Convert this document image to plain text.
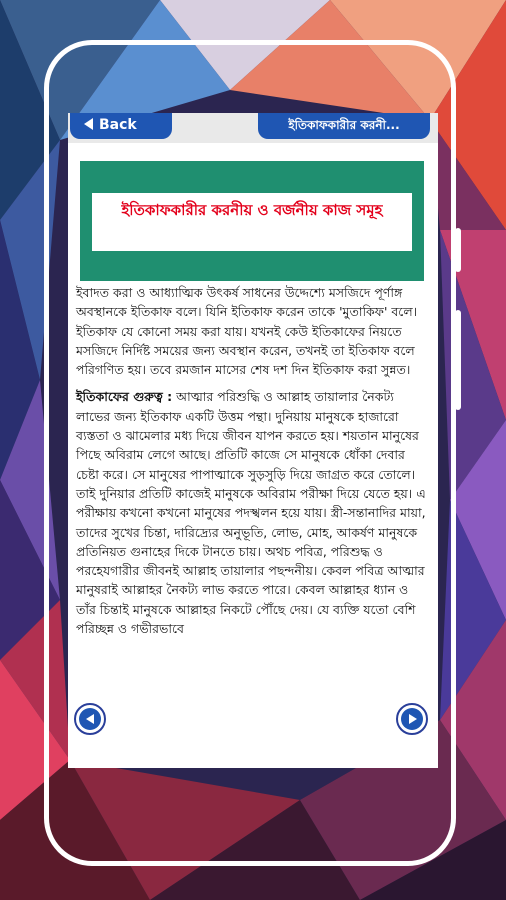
Back	ইতিকাফকারীর করনী...
ইতিকাফকারীর করনীয় ও বর্জনীয় কাজ সমূহ

ইবাদত করা ও আধ্যাত্মিক উৎকর্ষ সাধনের উদ্দেশ্যে মসজিদে পূর্ণাঙ্গ অবস্থানকে ইতিকাফ বলে। যিনি ইতিকাফ করেন তাকে 'মুতাকিফ' বলে। ইতিকাফ যে কোনো সময় করা যায়। যখনই কেউ ইতিকাফের নিয়তে মসজিদে নির্দিষ্ট সময়ের জন্য অবস্থান করেন, তখনই তা ইতিকাফ বলে পরিগণিত হয়। তবে রমজান মাসের শেষ দশ দিন ইতিকাফ করা সুন্নত।

ইতিকাফের গুরুত্ব : আত্মার পরিশুদ্ধি ও আল্লাহ তায়ালার নৈকট্য লাভের জন্য ইতিকাফ একটি উত্তম পন্থা। দুনিয়ায় মানুষকে হাজারো ব্যস্ততা ও ঝামেলার মধ্য দিয়ে জীবন যাপন করতে হয়। শয়তান মানুষের পিছে অবিরাম লেগে আছে। প্রতিটি কাজে সে মানুষকে ধোঁকা দেবার চেষ্টা করে। সে মানুষের পাপাত্মাকে সুড়সুড়ি দিয়ে জাগ্রত করে তোলে। তাই দুনিয়ার প্রতিটি কাজেই মানুষকে অবিরাম পরীক্ষা দিয়ে যেতে হয়। এ পরীক্ষায় কখনো কখনো মানুষের পদস্খলন হয়ে যায়। স্ত্রী-সন্তানাদির মায়া, তাদের সুখের চিন্তা, দারিদ্র্যের অনুভূতি, লোভ, মোহ, আকর্ষণ মানুষকে প্রতিনিয়ত গুনাহের দিকে টানতে চায়। অথচ পবিত্র, পরিশুদ্ধ ও পরহেযগারীর জীবনই আল্লাহ তায়ালার পছন্দনীয়। কেবল পবিত্র আত্মার মানুষরাই আল্লাহর নৈকট্য লাভ করতে পারে। কেবল আল্লাহর ধ্যান ও তাঁর চিন্তাই মানুষকে আল্লাহর নিকটে পৌঁছে দেয়। যে ব্যক্তি যতো বেশি পরিচ্ছন্ন ও গভীরভাবে
